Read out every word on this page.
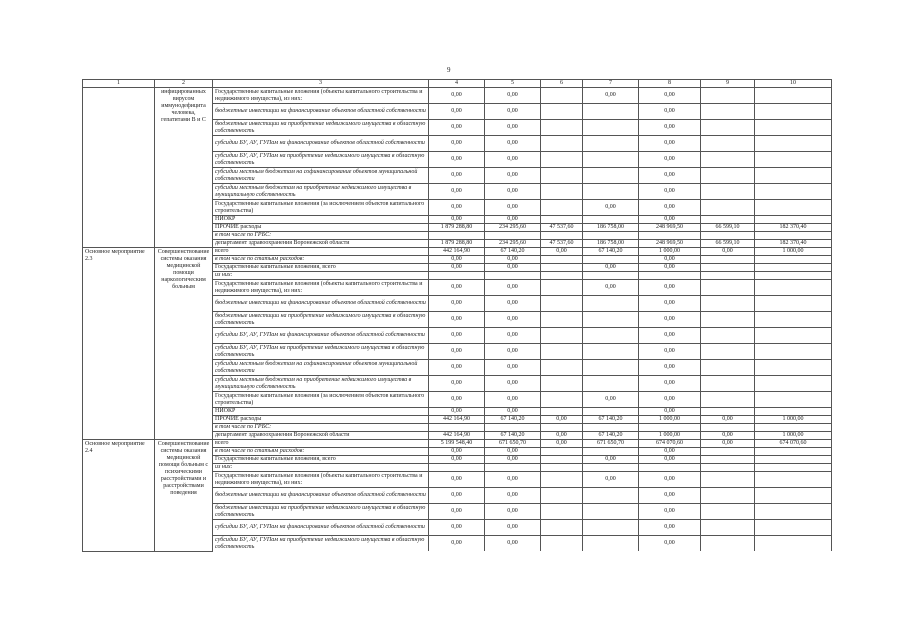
9
1	2	3	4	5	6	7	8	9	10
	инфицированных вирусом иммунодефицита человека, гепатитами В и С	Государственные капитальные вложения (объекты капитального строительства и недвижимого имущества), из них:	0,00	0,00		0,00	0,00		
		бюджетные инвестиции на финансирование объектов областной собственности	0,00	0,00			0,00		
		бюджетные инвестиции на приобретение недвижимого имущества в областную собственность	0,00	0,00			0,00		
		субсидии БУ, АУ, ГУПам на финансирование объектов областной собственности	0,00	0,00			0,00		
		субсидии БУ, АУ, ГУПам на приобретение недвижимого имущества в областную собственность	0,00	0,00			0,00		
		субсидии местным бюджетам на софинансирование объектов муниципальной собственности	0,00	0,00			0,00		
		субсидии местным бюджетам на приобретение недвижимого имущества в муниципальную собственность	0,00	0,00			0,00		
		Государственные капитальные вложения (за исключением объектов капитального строительства)	0,00	0,00		0,00	0,00		
		НИОКР	0,00	0,00			0,00		
		ПРОЧИЕ расходы	1 879 288,80	234 295,60	47 537,60	186 758,00	248 969,50	66 599,10	182 370,40
		в том числе по ГРБС:							
		департамент здравоохранения Воронежской области	1 879 288,80	234 295,60	47 537,60	186 758,00	248 969,50	66 599,10	182 370,40
Основное мероприятие 2.3	Совершенствование системы оказания медицинской помощи наркологическим больным	всего	442 164,90	67 140,20	0,00	67 140,20	1 000,00	0,00	1 000,00
		в том числе по статьям расходов:	0,00	0,00			0,00		
		Государственные капитальные вложения, всего	0,00	0,00		0,00	0,00		
		из них:							
		Государственные капитальные вложения (объекты капитального строительства и недвижимого имущества), из них:	0,00	0,00		0,00	0,00		
		бюджетные инвестиции на финансирование объектов областной собственности	0,00	0,00			0,00		
		бюджетные инвестиции на приобретение недвижимого имущества в областную собственность	0,00	0,00			0,00		
		субсидии БУ, АУ, ГУПам на финансирование объектов областной собственности	0,00	0,00			0,00		
		субсидии БУ, АУ, ГУПам на приобретение недвижимого имущества в областную собственность	0,00	0,00			0,00		
		субсидии местным бюджетам на софинансирование объектов муниципальной собственности	0,00	0,00			0,00		
		субсидии местным бюджетам на приобретение недвижимого имущества в муниципальную собственность	0,00	0,00			0,00		
		Государственные капитальные вложения (за исключением объектов капитального строительства)	0,00	0,00		0,00	0,00		
		НИОКР	0,00	0,00			0,00		
		ПРОЧИЕ расходы	442 164,90	67 140,20	0,00	67 140,20	1 000,00	0,00	1 000,00
		в том числе по ГРБС:							
		департамент здравоохранения Воронежской области	442 164,90	67 140,20	0,00	67 140,20	1 000,00	0,00	1 000,00
Основное мероприятие 2.4	Совершенствование системы оказания медицинской помощи больным с психическими расстройствами и расстройствами поведения	всего	5 199 548,40	671 650,70	0,00	671 650,70	674 070,60	0,00	674 070,60
		в том числе по статьям расходов:	0,00	0,00			0,00		
		Государственные капитальные вложения, всего	0,00	0,00		0,00	0,00		
		из них:							
		Государственные капитальные вложения (объекты капитального строительства и недвижимого имущества), из них:	0,00	0,00		0,00	0,00		
		бюджетные инвестиции на финансирование объектов областной собственности	0,00	0,00			0,00		
		бюджетные инвестиции на приобретение недвижимого имущества в областную собственность	0,00	0,00			0,00		
		субсидии БУ, АУ, ГУПам на финансирование объектов областной собственности	0,00	0,00			0,00		
		субсидии БУ, АУ, ГУПам на приобретение недвижимого имущества в областную собственность	0,00	0,00			0,00		
